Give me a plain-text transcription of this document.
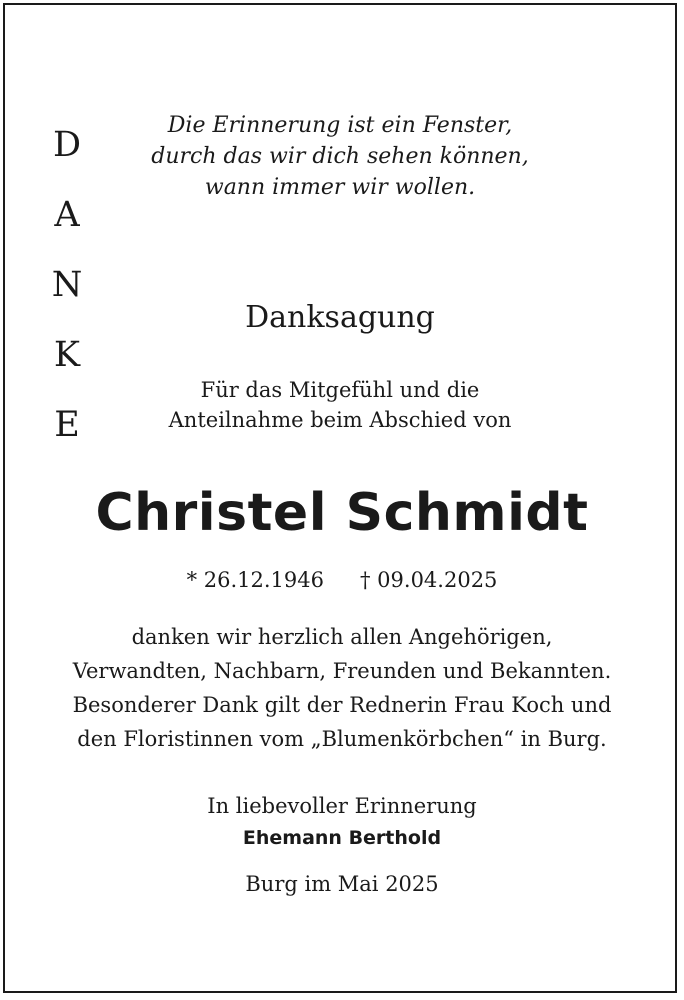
D
A
N
K
E
Die Erinnerung ist ein Fenster,
durch das wir dich sehen können,
wann immer wir wollen.
Danksagung
Für das Mitgefühl und die
Anteilnahme beim Abschied von
Christel Schmidt
* 26.12.1946 † 09.04.2025
danken wir herzlich allen Angehörigen,
Verwandten, Nachbarn, Freunden und Bekannten.
Besonderer Dank gilt der Rednerin Frau Koch und
den Floristinnen vom „Blumenkörbchen“ in Burg.
In liebevoller Erinnerung
Ehemann Berthold
Burg im Mai 2025
